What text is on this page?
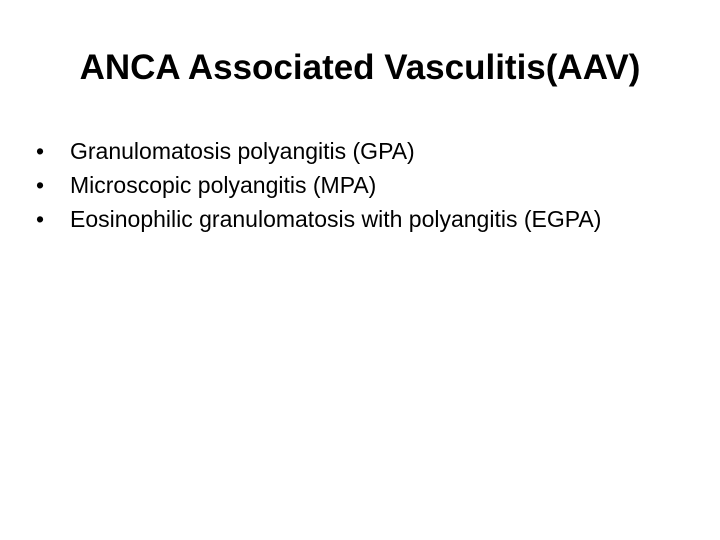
ANCA Associated Vasculitis(AAV)
• Granulomatosis polyangitis (GPA)
• Microscopic polyangitis (MPA)
• Eosinophilic granulomatosis with polyangitis (EGPA)
